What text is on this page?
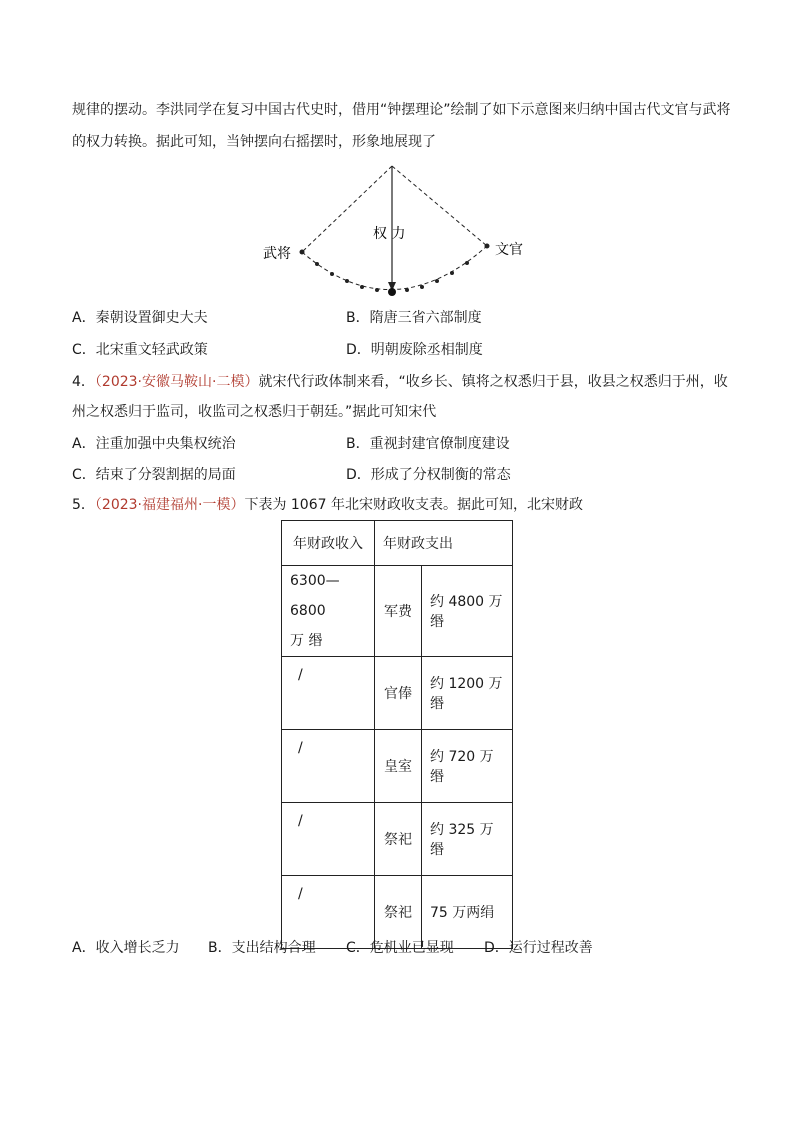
规律的摆动。李洪同学在复习中国古代史时，借用“钟摆理论”绘制了如下示意图来归纳中国古代文官与武将
的权力转换。据此可知，当钟摆向右摇摆时，形象地展现了
武将
权 力
文官
A．秦朝设置御史大夫	B．隋唐三省六部制度
C．北宋重文轻武政策	D．明朝废除丞相制度
4．（2023·安徽马鞍山·二模）就宋代行政体制来看，“收乡长、镇将之权悉归于县，收县之权悉归于州，收
州之权悉归于监司，收监司之权悉归于朝廷。”据此可知宋代
A．注重加强中央集权统治	B．重视封建官僚制度建设
C．结束了分裂割据的局面	D．形成了分权制衡的常态
5．（2023·福建福州·一模）下表为 1067 年北宋财政收支表。据此可知，北宋财政
年财政收入	年财政支出	

6300—6800
万 缗	军费	约 4800 万缗

/	官俸	约 1200 万缗

/	皇室	约 720 万缗

/	祭祀	约 325 万缗

/	祭祀	75 万两绢
A．收入增长乏力 B．支出结构合理 C．危机业已显现 D．运行过程改善
